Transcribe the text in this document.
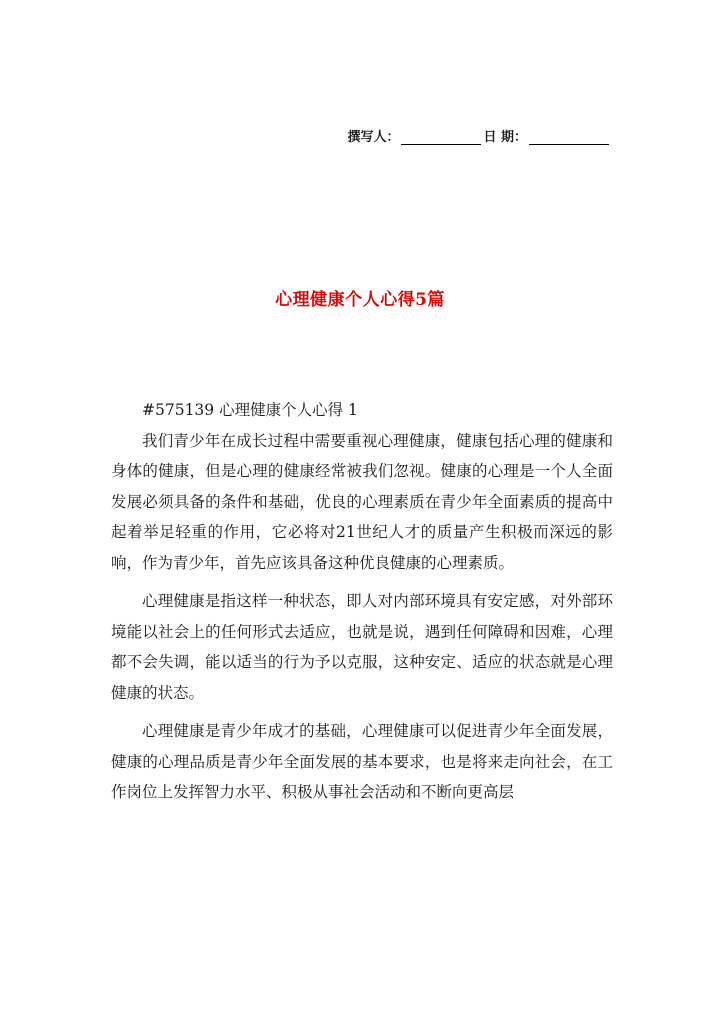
撰写人：	日 期：
心理健康个人心得5篇

#575139 心理健康个人心得 1

我们青少年在成长过程中需要重视心理健康，健康包括心理的健康和身体的健康，但是心理的健康经常被我们忽视。健康的心理是一个人全面发展必须具备的条件和基础，优良的心理素质在青少年全面素质的提高中起着举足轻重的作用，它必将对21世纪人才的质量产生积极而深远的影响，作为青少年，首先应该具备这种优良健康的心理素质。

心理健康是指这样一种状态，即人对内部环境具有安定感，对外部环境能以社会上的任何形式去适应，也就是说，遇到任何障碍和因难，心理都不会失调，能以适当的行为予以克服，这种安定、适应的状态就是心理健康的状态。

心理健康是青少年成才的基础，心理健康可以促进青少年全面发展，健康的心理品质是青少年全面发展的基本要求，也是将来走向社会，在工作岗位上发挥智力水平、积极从事社会活动和不断向更高层
